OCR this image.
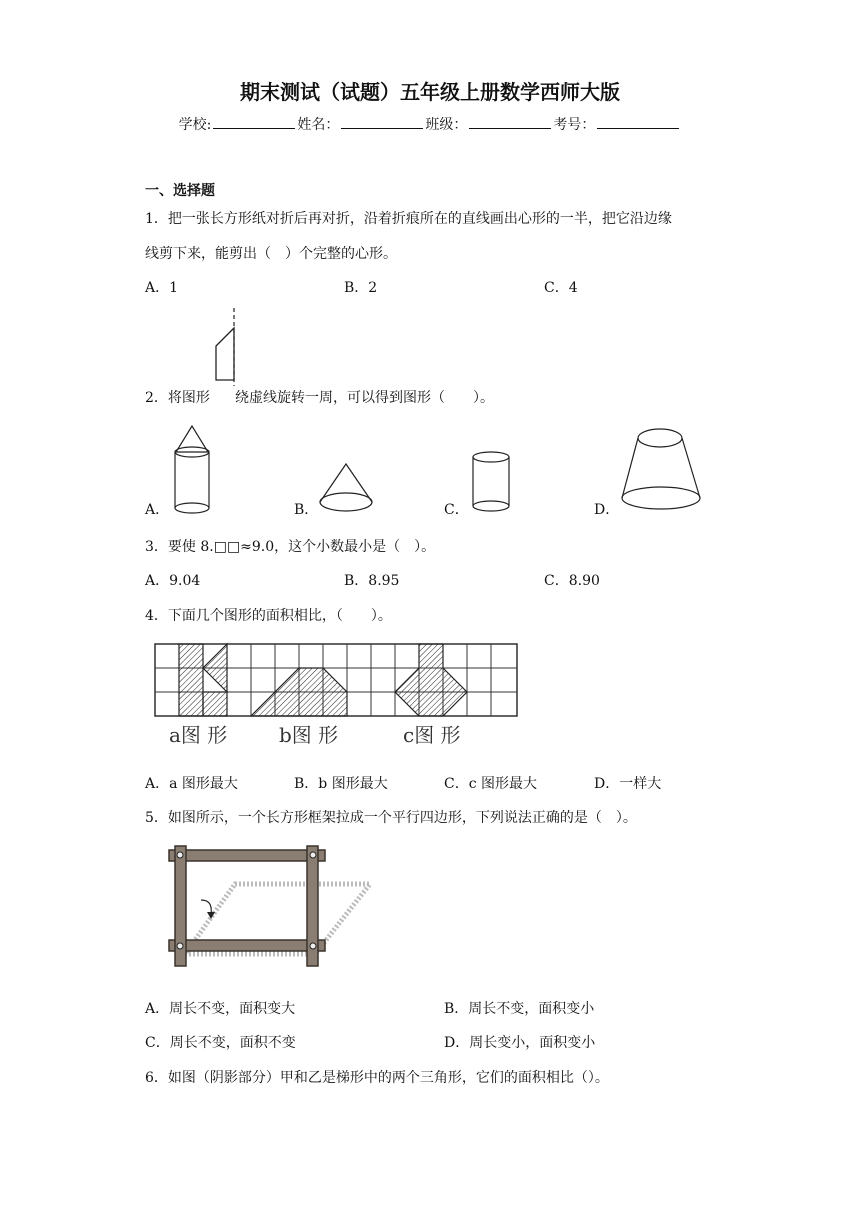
期末测试（试题）五年级上册数学西师大版
学校:	姓名：	班级：	考号：
一、选择题
1．把一张长方形纸对折后再对折，沿着折痕所在的直线画出心形的一半，把它沿边缘
线剪下来，能剪出（　）个完整的心形。
A．1	B．2	C．4
2．将图形 绕虚线旋转一周，可以得到图形（　　）。
A．	B．	C．	D．
3．要使 8.□□≈9.0，这个小数最小是（　）。
A．9.04	B．8.95	C．8.90
4．下面几个图形的面积相比，（　　）。
a图 形	b图 形	c图 形
A．a 图形最大	B．b 图形最大	C．c 图形最大	D．一样大
5．如图所示，一个长方形框架拉成一个平行四边形，下列说法正确的是（　）。
A．周长不变，面积变大	B．周长不变，面积变小
C．周长不变，面积不变	D．周长变小，面积变小
6．如图（阴影部分）甲和乙是梯形中的两个三角形，它们的面积相比（）。
